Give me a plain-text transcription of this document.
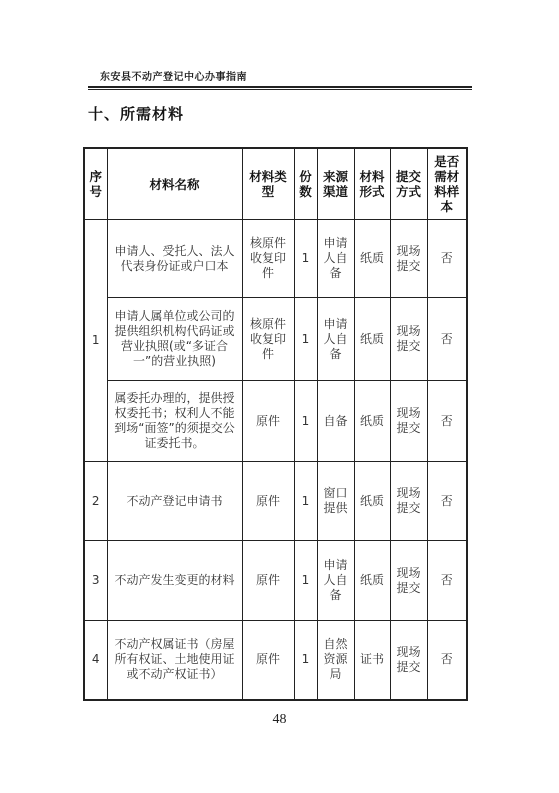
东安县不动产登记中心办事指南
十、所需材料
序号	材料名称	材料类型	份数	来源渠道	材料形式	提交方式	是否需材料样本
1	申请人、受托人、法人代表身份证或户口本	核原件收复印件	1	申请人自备	纸质	现场提交	否
	申请人属单位或公司的提供组织机构代码证或营业执照(或“多证合一”的营业执照)	核原件收复印件	1	申请人自备	纸质	现场提交	否
	属委托办理的，提供授权委托书；权利人不能到场“面签”的须提交公证委托书。	原件	1	自备	纸质	现场提交	否
2	不动产登记申请书	原件	1	窗口提供	纸质	现场提交	否
3	不动产发生变更的材料	原件	1	申请人自备	纸质	现场提交	否
4	不动产权属证书（房屋所有权证、土地使用证或不动产权证书）	原件	1	自然资源局	证书	现场提交	否
48
